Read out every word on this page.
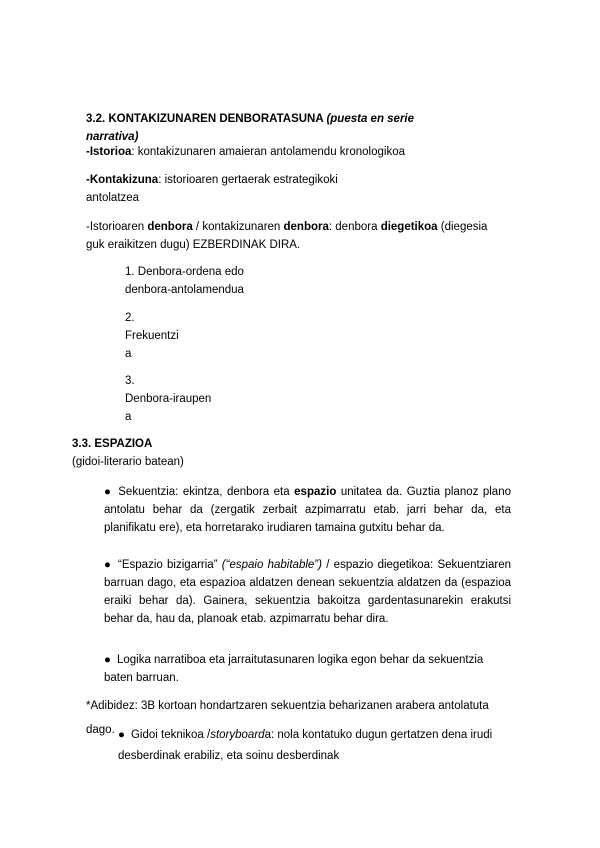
3.2. KONTAKIZUNAREN DENBORATASUNA (puesta en serie
narrativa)
-Istorioa: kontakizunaren amaieran antolamendu kronologikoa
-Kontakizuna: istorioaren gertaerak estrategikoki
antolatzea
-Istorioaren denbora / kontakizunaren denbora: denbora diegetikoa (diegesia
guk eraikitzen dugu) EZBERDINAK DIRA.
1. Denbora-ordena edo
denbora-antolamendua
2.
Frekuentzi
a
3.
Denbora-iraupen
a
3.3. ESPAZIOA
(gidoi-literario batean)
● Sekuentzia: ekintza, denbora eta espazio unitatea da. Guztia planoz plano antolatu behar da (zergatik zerbait azpimarratu etab. jarri behar da, eta planifikatu ere), eta horretarako irudiaren tamaina gutxitu behar da.
● “Espazio bizigarria” (“espaio habitable”) / espazio diegetikoa: Sekuentziaren barruan dago, eta espazioa aldatzen denean sekuentzia aldatzen da (espazioa eraiki behar da). Gainera, sekuentzia bakoitza gardentasunarekin erakutsi behar da, hau da, planoak etab. azpimarratu behar dira.
● Logika narratiboa eta jarraitutasunaren logika egon behar da sekuentzia
baten barruan.
*Adibidez: 3B kortoan hondartzaren sekuentzia beharizanen arabera antolatuta
dago. ● Gidoi teknikoa /storyboarda: nola kontatuko dugun gertatzen dena irudi
desberdinak erabiliz, eta soinu desberdinak
